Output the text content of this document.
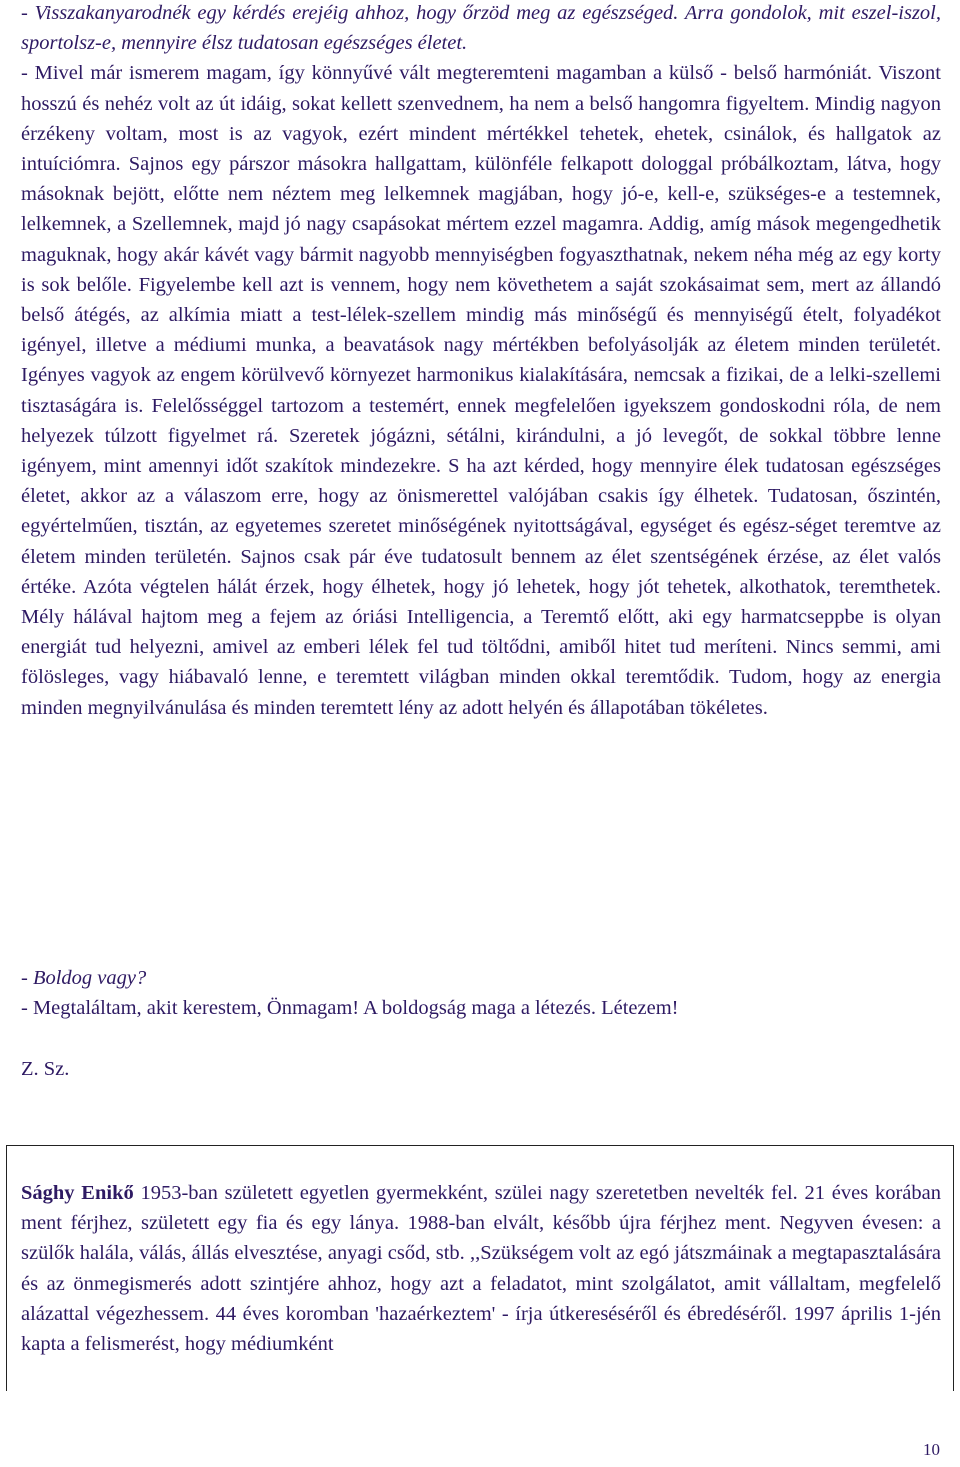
- Visszakanyarodnék egy kérdés erejéig ahhoz, hogy őrzöd meg az egészséged. Arra gondolok, mit eszel-iszol, sportolsz-e, mennyire élsz tudatosan egészséges életet.

- Mivel már ismerem magam, így könnyűvé vált megteremteni magamban a külső - belső harmóniát. Viszont hosszú és nehéz volt az út idáig, sokat kellett szenvednem, ha nem a belső hangomra figyeltem. Mindig nagyon érzékeny voltam, most is az vagyok, ezért mindent mértékkel tehetek, ehetek, csinálok, és hallgatok az intuíciómra. Sajnos egy párszor másokra hallgattam, különféle felkapott dologgal próbálkoztam, látva, hogy másoknak bejött, előtte nem néztem meg lelkemnek magjában, hogy jó-e, kell-e, szükséges-e a testemnek, lelkemnek, a Szellemnek, majd jó nagy csapásokat mértem ezzel magamra. Addig, amíg mások megengedhetik maguknak, hogy akár kávét vagy bármit nagyobb mennyiségben fogyaszthatnak, nekem néha még az egy korty is sok belőle. Figyelembe kell azt is vennem, hogy nem követhetem a saját szokásaimat sem, mert az állandó belső átégés, az alkímia miatt a test-lélek-szellem mindig más minőségű és mennyiségű ételt, folyadékot igényel, illetve a médiumi munka, a beavatások nagy mértékben befolyásolják az életem minden területét. Igényes vagyok az engem körülvevő környezet harmonikus kialakítására, nemcsak a fizikai, de a lelki-szellemi tisztaságára is. Felelősséggel tartozom a testemért, ennek megfelelően igyekszem gondoskodni róla, de nem helyezek túlzott figyelmet rá. Szeretek jógázni, sétálni, kirándulni, a jó levegőt, de sokkal többre lenne igényem, mint amennyi időt szakítok mindezekre. S ha azt kérded, hogy mennyire élek tudatosan egészséges életet, akkor az a válaszom erre, hogy az önismerettel valójában csakis így élhetek. Tudatosan, őszintén, egyértelműen, tisztán, az egyetemes szeretet minőségének nyitottságával, egységet és egész-séget teremtve az életem minden területén. Sajnos csak pár éve tudatosult bennem az élet szentségének érzése, az élet valós értéke. Azóta végtelen hálát érzek, hogy élhetek, hogy jó lehetek, hogy jót tehetek, alkothatok, teremthetek. Mély hálával hajtom meg a fejem az óriási Intelligencia, a Teremtő előtt, aki egy harmatcseppbe is olyan energiát tud helyezni, amivel az emberi lélek fel tud töltődni, amiből hitet tud meríteni. Nincs semmi, ami fölösleges, vagy hiábavaló lenne, e teremtett világban minden okkal teremtődik. Tudom, hogy az energia minden megnyilvánulása és minden teremtett lény az adott helyén és állapotában tökéletes.

- Boldog vagy?

- Megtaláltam, akit kerestem, Önmagam! A boldogság maga a létezés. Létezem!

Z. Sz.

Sághy Enikő 1953-ban született egyetlen gyermekként, szülei nagy szeretetben nevelték fel. 21 éves korában ment férjhez, született egy fia és egy lánya. 1988-ban elvált, később újra férjhez ment. Negyven évesen: a szülők halála, válás, állás elvesztése, anyagi csőd, stb. ,,Szükségem volt az egó játszmáinak a megtapasztalására és az önmegismerés adott szintjére ahhoz, hogy azt a feladatot, mint szolgálatot, amit vállaltam, megfelelő alázattal végezhessem. 44 éves koromban 'hazaérkeztem' - írja útkereséséről és ébredéséről. 1997 április 1-jén kapta a felismerést, hogy médiumként

10
